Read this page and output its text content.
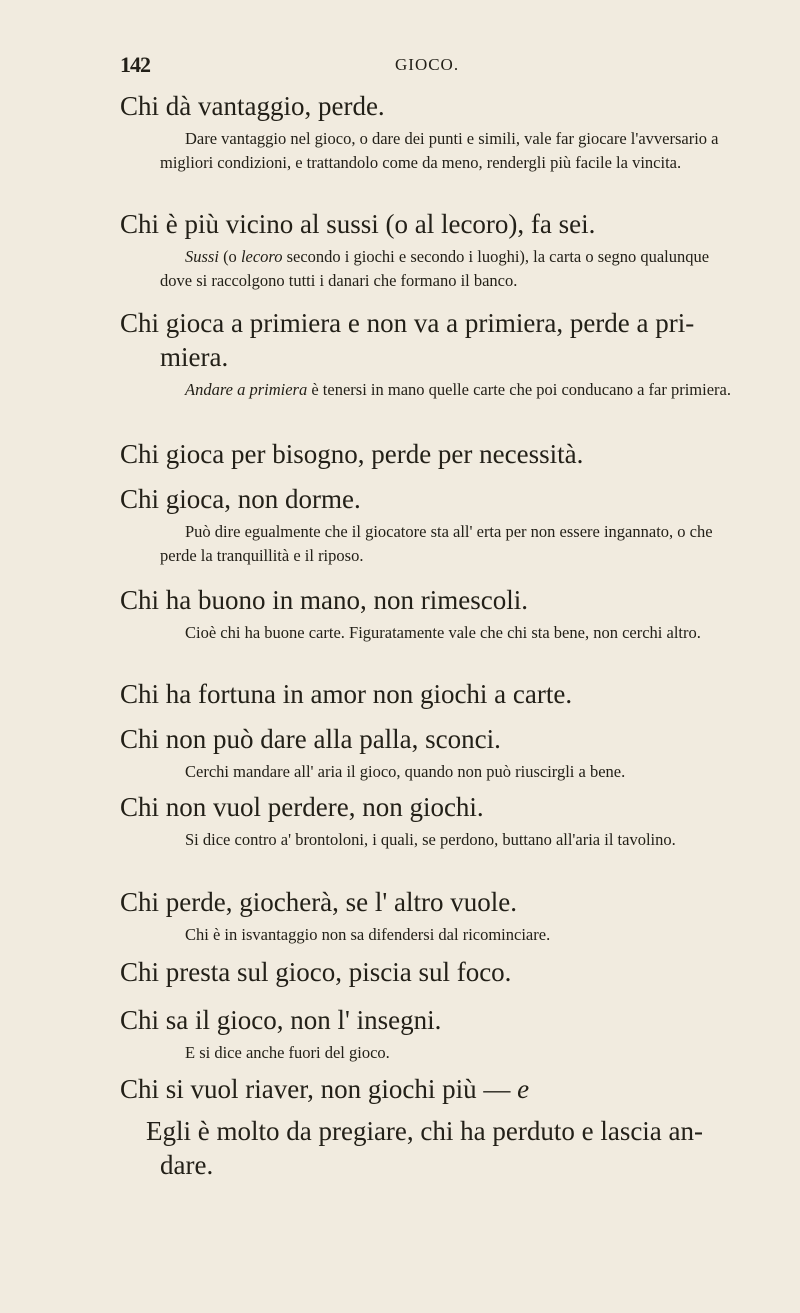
142	GIOCO.

Chi dà vantaggio, perde.

Dare vantaggio nel gioco, o dare dei punti e simili, vale far giocare l'avversario a migliori condizioni, e trattandolo come da meno, rendergli più facile la vincita.

Chi è più vicino al sussi (o al lecoro), fa sei.

Sussi (o lecoro secondo i giochi e secondo i luoghi), la carta o segno qualunque dove si raccolgono tutti i danari che formano il banco.

Chi gioca a primiera e non va a primiera, perde a pri-
miera.

Andare a primiera è tenersi in mano quelle carte che poi conducano a far primiera.

Chi gioca per bisogno, perde per necessità.

Chi gioca, non dorme.

Può dire egualmente che il giocatore sta all' erta per non essere ingannato, o che perde la tranquillità e il riposo.

Chi ha buono in mano, non rimescoli.

Cioè chi ha buone carte. Figuratamente vale che chi sta bene, non cerchi altro.

Chi ha fortuna in amor non giochi a carte.

Chi non può dare alla palla, sconci.

Cerchi mandare all' aria il gioco, quando non può riuscirgli a bene.

Chi non vuol perdere, non giochi.

Si dice contro a' brontoloni, i quali, se perdono, buttano all'aria il tavolino.

Chi perde, giocherà, se l' altro vuole.

Chi è in isvantaggio non sa difendersi dal ricominciare.

Chi presta sul gioco, piscia sul foco.

Chi sa il gioco, non l' insegni.

E si dice anche fuori del gioco.

Chi si vuol riaver, non giochi più — e

Egli è molto da pregiare, chi ha perduto e lascia an-
dare.
